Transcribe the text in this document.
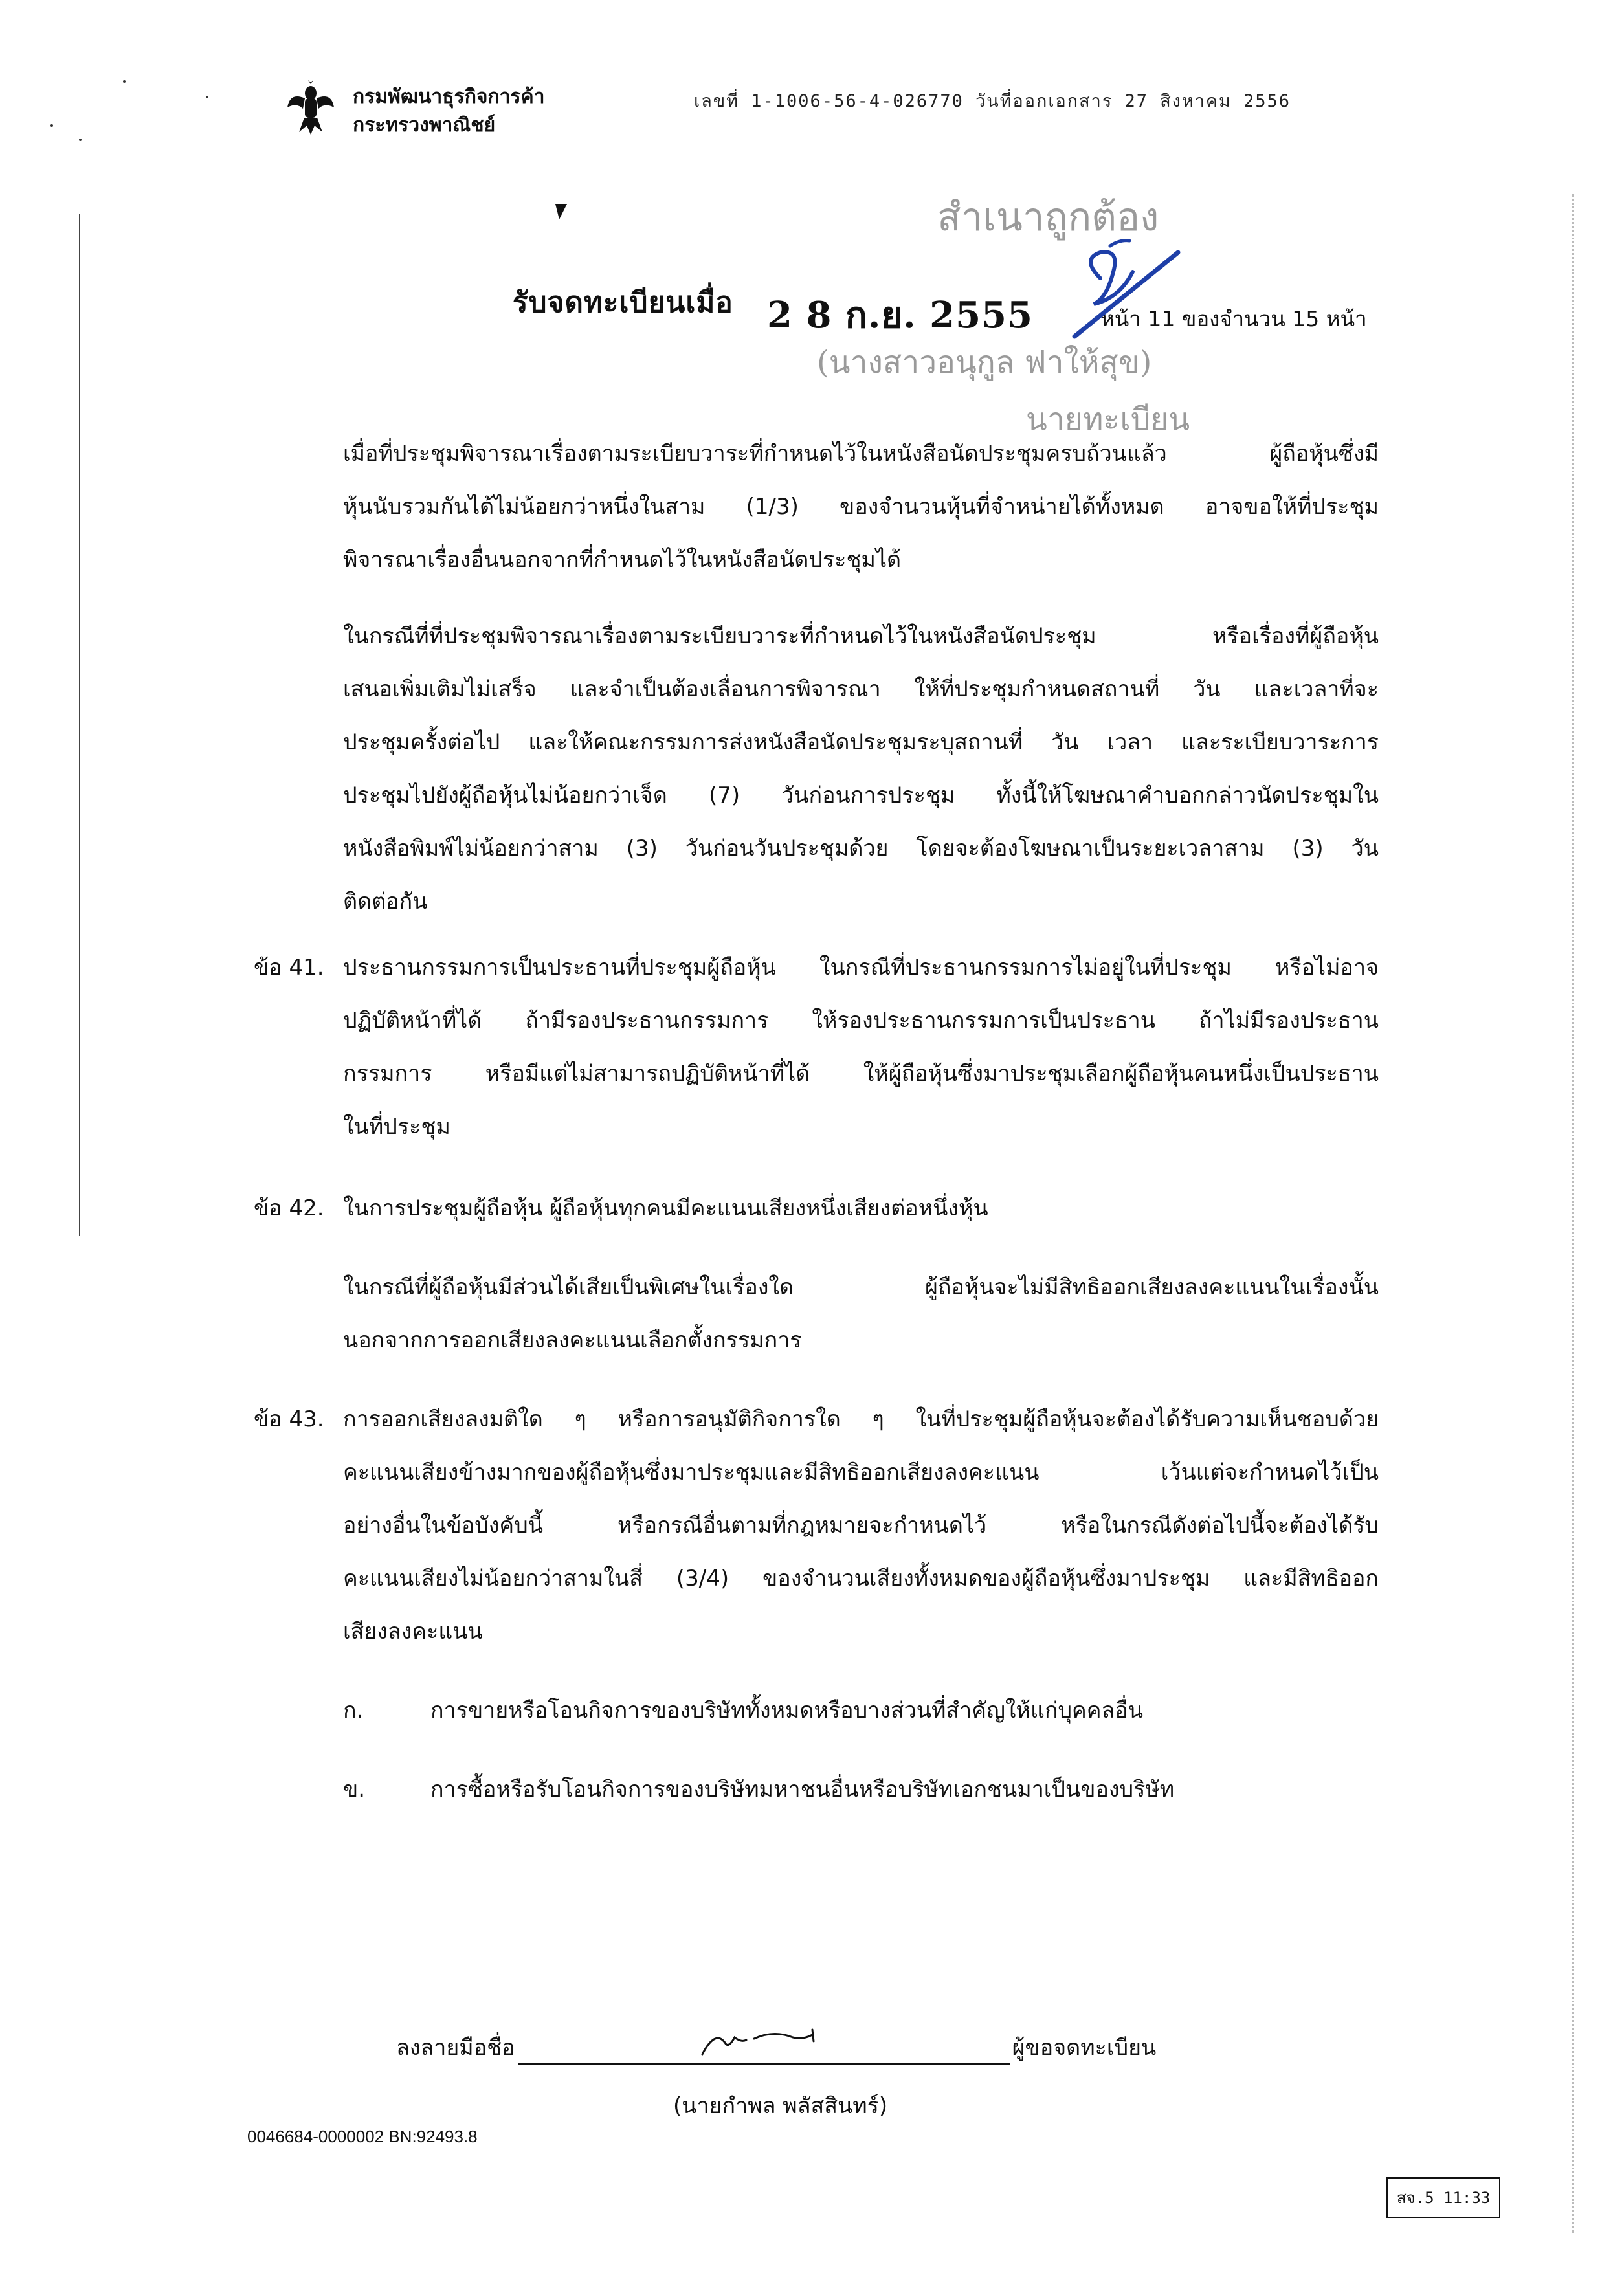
กรมพัฒนาธุรกิจการค้า
กระทรวงพาณิชย์
เลขที่ 1-1006-56-4-026770 วันที่ออกเอกสาร 27 สิงหาคม 2556
สำเนาถูกต้อง
รับจดทะเบียนเมื่อ 2 8 ก.ย. 2555	หน้า 11 ของจำนวน 15 หน้า
(นางสาวอนุกูล ฟาให้สุข)
นายทะเบียน
เมื่อที่ประชุมพิจารณาเรื่องตามระเบียบวาระที่กำหนดไว้ในหนังสือนัดประชุมครบถ้วนแล้ว ผู้ถือหุ้นซึ่งมี
หุ้นนับรวมกันได้ไม่น้อยกว่าหนึ่งในสาม (1/3) ของจำนวนหุ้นที่จำหน่ายได้ทั้งหมด อาจขอให้ที่ประชุม
พิจารณาเรื่องอื่นนอกจากที่กำหนดไว้ในหนังสือนัดประชุมได้
ในกรณีที่ที่ประชุมพิจารณาเรื่องตามระเบียบวาระที่กำหนดไว้ในหนังสือนัดประชุม หรือเรื่องที่ผู้ถือหุ้น
เสนอเพิ่มเติมไม่เสร็จ และจำเป็นต้องเลื่อนการพิจารณา ให้ที่ประชุมกำหนดสถานที่ วัน และเวลาที่จะ
ประชุมครั้งต่อไป และให้คณะกรรมการส่งหนังสือนัดประชุมระบุสถานที่ วัน เวลา และระเบียบวาระการ
ประชุมไปยังผู้ถือหุ้นไม่น้อยกว่าเจ็ด (7) วันก่อนการประชุม ทั้งนี้ให้โฆษณาคำบอกกล่าวนัดประชุมใน
หนังสือพิมพ์ไม่น้อยกว่าสาม (3) วันก่อนวันประชุมด้วย โดยจะต้องโฆษณาเป็นระยะเวลาสาม (3) วัน
ติดต่อกัน
ข้อ 41. ประธานกรรมการเป็นประธานที่ประชุมผู้ถือหุ้น ในกรณีที่ประธานกรรมการไม่อยู่ในที่ประชุม หรือไม่อาจ
ปฏิบัติหน้าที่ได้ ถ้ามีรองประธานกรรมการ ให้รองประธานกรรมการเป็นประธาน ถ้าไม่มีรองประธาน
กรรมการ หรือมีแต่ไม่สามารถปฏิบัติหน้าที่ได้ ให้ผู้ถือหุ้นซึ่งมาประชุมเลือกผู้ถือหุ้นคนหนึ่งเป็นประธาน
ในที่ประชุม
ข้อ 42. ในการประชุมผู้ถือหุ้น ผู้ถือหุ้นทุกคนมีคะแนนเสียงหนึ่งเสียงต่อหนึ่งหุ้น
ในกรณีที่ผู้ถือหุ้นมีส่วนได้เสียเป็นพิเศษในเรื่องใด ผู้ถือหุ้นจะไม่มีสิทธิออกเสียงลงคะแนนในเรื่องนั้น
นอกจากการออกเสียงลงคะแนนเลือกตั้งกรรมการ
ข้อ 43. การออกเสียงลงมติใด ๆ หรือการอนุมัติกิจการใด ๆ ในที่ประชุมผู้ถือหุ้นจะต้องได้รับความเห็นชอบด้วย
คะแนนเสียงข้างมากของผู้ถือหุ้นซึ่งมาประชุมและมีสิทธิออกเสียงลงคะแนน เว้นแต่จะกำหนดไว้เป็น
อย่างอื่นในข้อบังคับนี้ หรือกรณีอื่นตามที่กฎหมายจะกำหนดไว้ หรือในกรณีดังต่อไปนี้จะต้องได้รับ
คะแนนเสียงไม่น้อยกว่าสามในสี่ (3/4) ของจำนวนเสียงทั้งหมดของผู้ถือหุ้นซึ่งมาประชุม และมีสิทธิออก
เสียงลงคะแนน
ก.	การขายหรือโอนกิจการของบริษัททั้งหมดหรือบางส่วนที่สำคัญให้แก่บุคคลอื่น
ข.	การซื้อหรือรับโอนกิจการของบริษัทมหาชนอื่นหรือบริษัทเอกชนมาเป็นของบริษัท
ลงลายมือชื่อ	ผู้ขอจดทะเบียน
(นายกำพล พลัสสินทร์)
0046684-0000002 BN:92493.8
สจ.5 11:33
